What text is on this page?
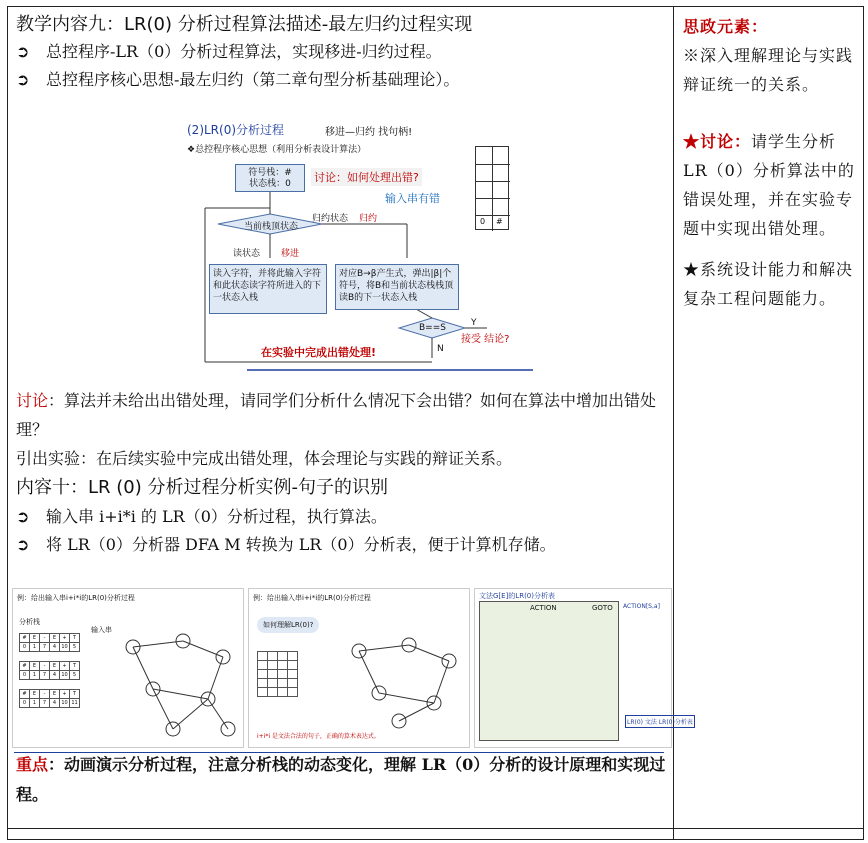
教学内容九：LR(0) 分析过程算法描述-最左归约过程实现
➲	总控程序-LR（0）分析过程算法，实现移进-归约过程。
➲	总控程序核心思想-最左归约（第二章句型分析基础理论）。
(2)LR(0)分析过程	移进—归约 找句柄!
❖总控程序核心思想（利用分析表设计算法）
符号栈：#
状态栈：0	讨论：如何处理出错?
输入串有错
0 #
当前栈顶状态
归约状态 归约
读状态 移进
读入字符，并将此输入字符和此状态读字符所进入的下一状态入栈
对应B→β产生式，弹出|β|个符号，将B和当前状态栈栈顶读B的下一状态入栈
B==S	Y
N
接受 结论?
在实验中完成出错处理!
讨论：算法并未给出出错处理，请同学们分析什么情况下会出错？如何在算法中增加出错处理？
引出实验：在后续实验中完成出错处理，体会理论与实践的辩证关系。
内容十：LR (0) 分析过程分析实例-句子的识别
➲	输入串 i+i*i 的 LR（0）分析过程，执行算法。
➲	将 LR（0）分析器 DFA M 转换为 LR（0）分析表，便于计算机存储。
例：给出输入串i+i*i的LR(0)分析过程
分析栈
输入串
#	E	-	E	+	T
0	1	7	4	10	5
#	E	-	E	+	T
0	1	7	4	10	5
#	E	-	E	+	T
0	1	7	4	10	11
例：给出输入串i+i*i的LR(0)分析过程
如何理解LR(0)?

i+i*i 是文法合法的句子，正确的算术表达式。
文法G[E]的LR(0)分析表
ACTION	GOTO ACTION[S,a]
LR(0) 文法 LR(0)分析表
重点：动画演示分析过程，注意分析栈的动态变化，理解 LR（0）分析的设计原理和实现过程。
思政元素：
※深入理解理论与实践辩证统一的关系。
★讨论：请学生分析 LR（0）分析算法中的错误处理，并在实验专题中实现出错处理。
★系统设计能力和解决复杂工程问题能力。
